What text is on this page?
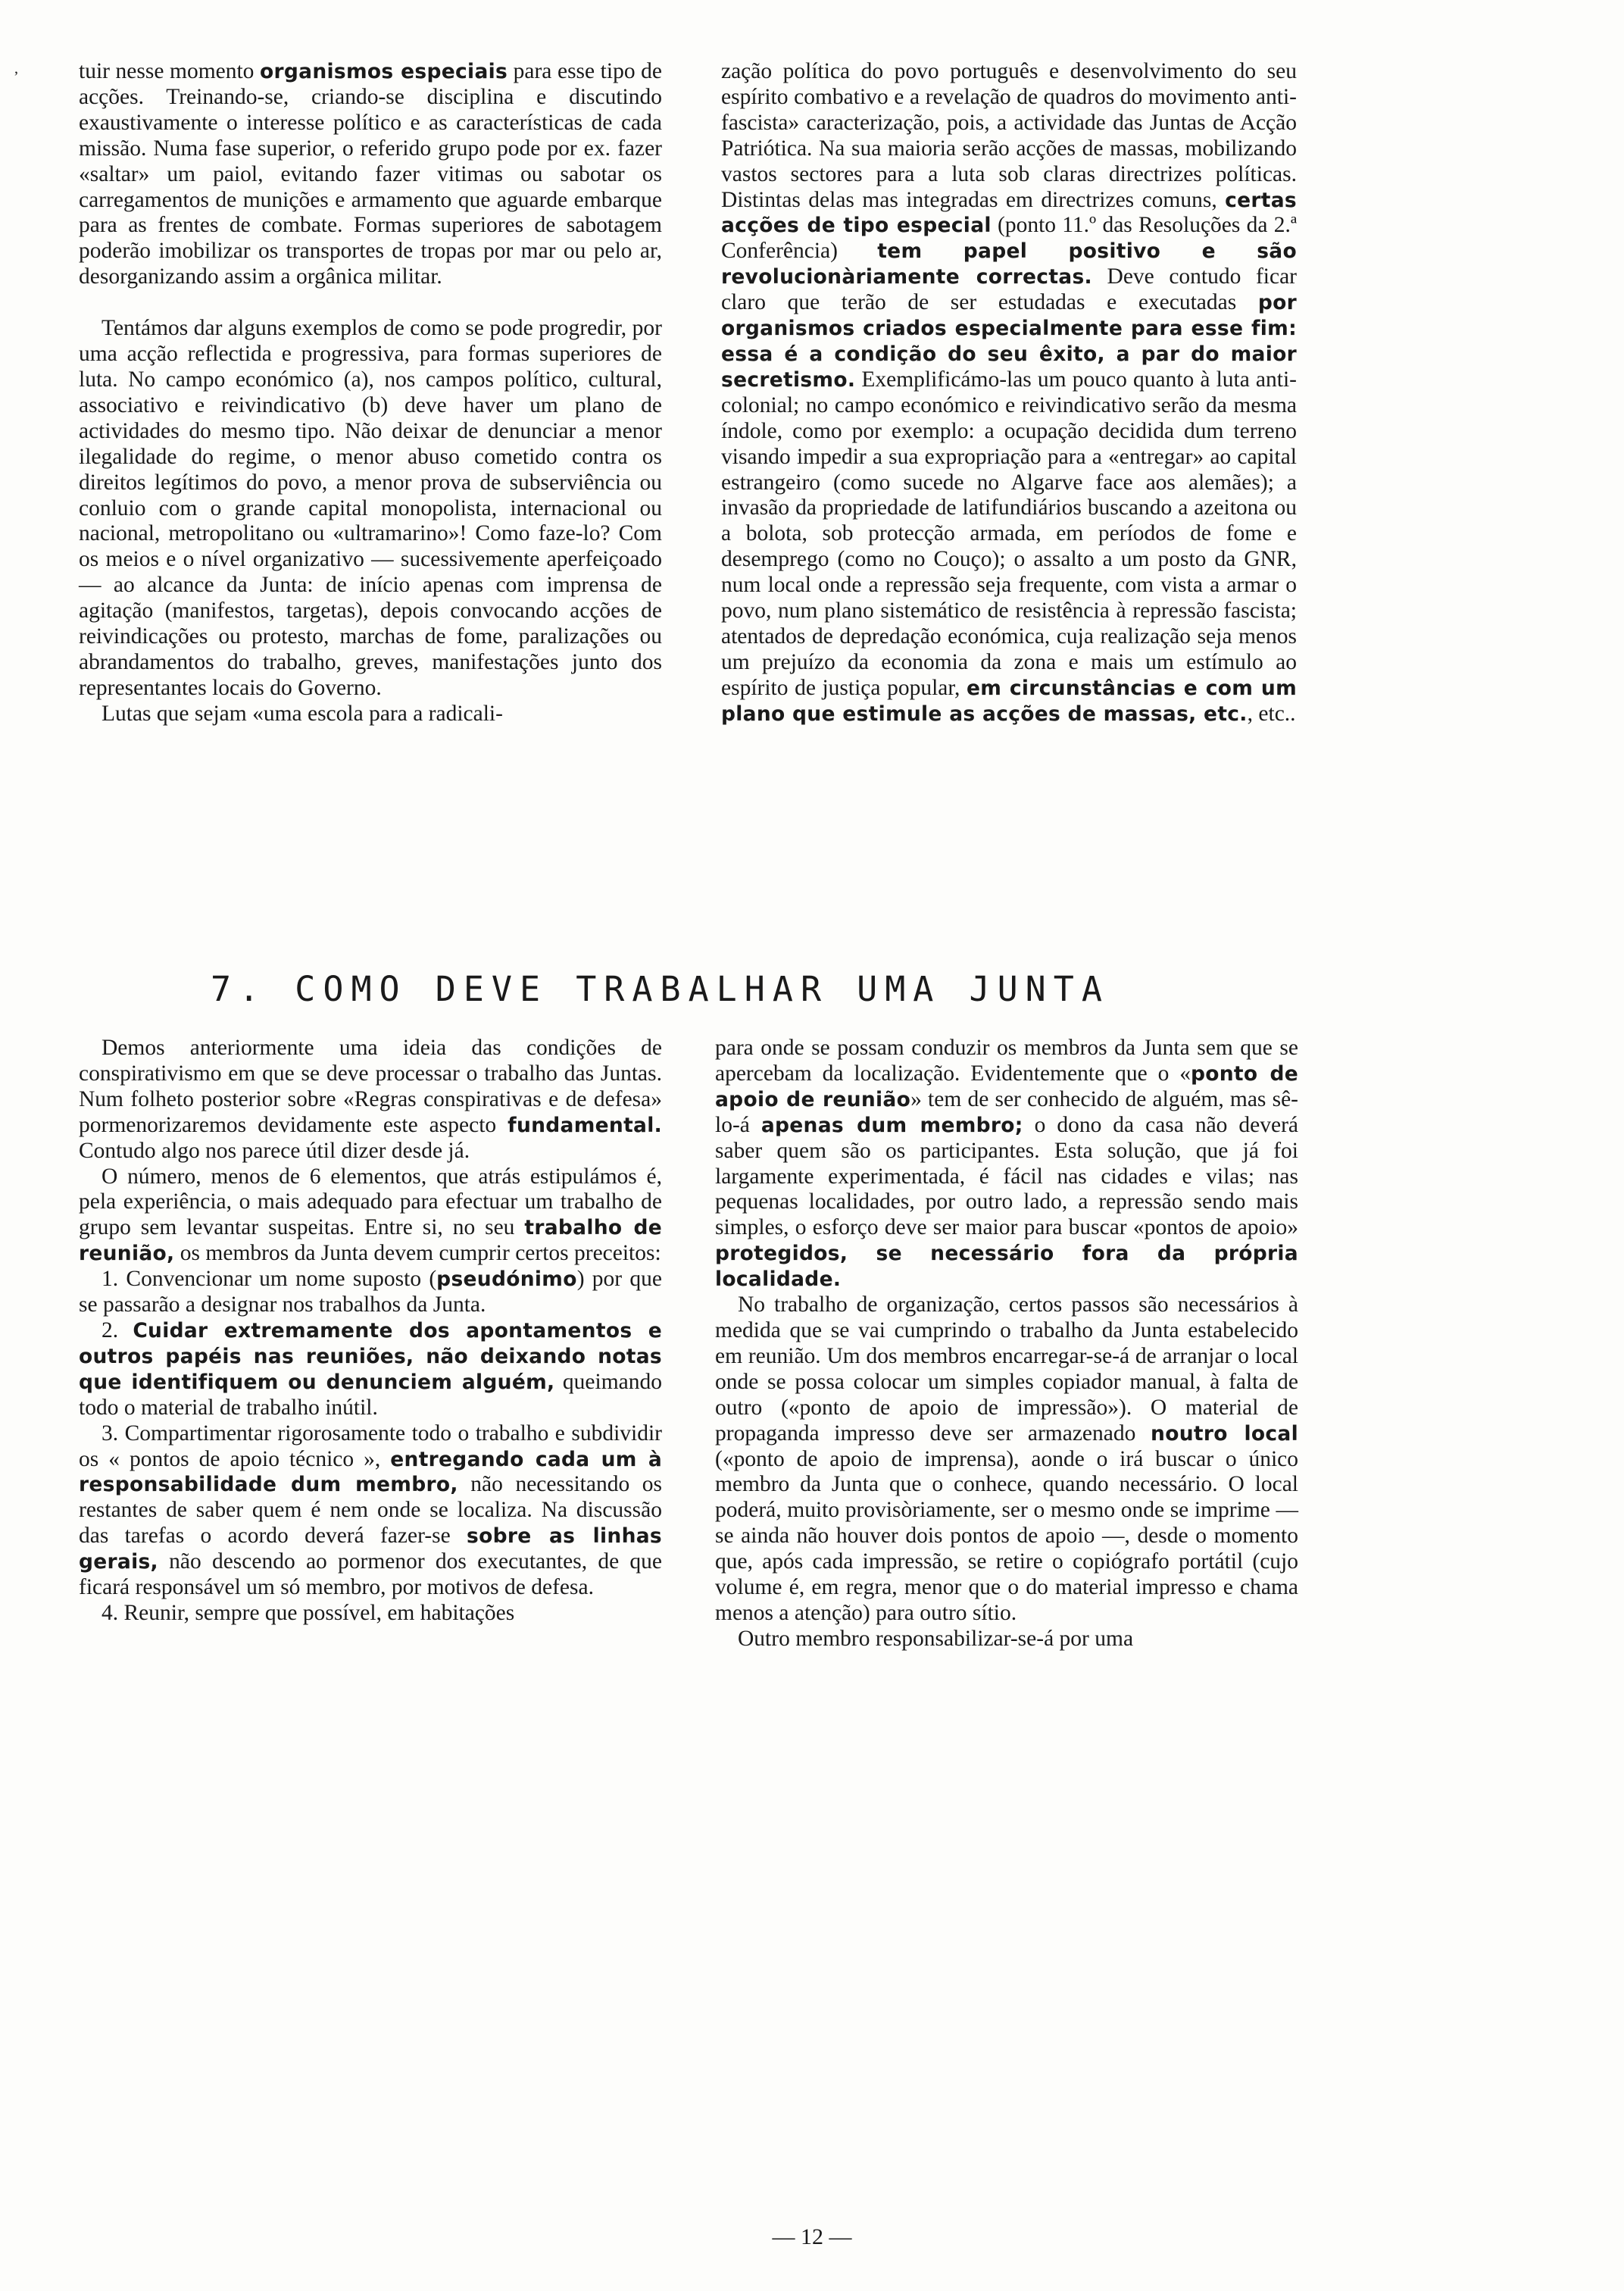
ʼ	tuir nesse momento organismos especiais para esse tipo de acções. Treinando-se, criando-se disciplina e discutindo exaustivamente o interesse político e as características de cada missão. Numa fase superior, o referido grupo pode por ex. fazer «saltar» um paiol, evitando fazer vitimas ou sabotar os carregamentos de munições e armamento que aguarde embarque para as frentes de combate. Formas superiores de sabotagem poderão imobilizar os transportes de tropas por mar ou pelo ar, desorganizando assim a orgânica militar.

Tentámos dar alguns exemplos de como se pode progredir, por uma acção reflectida e progressiva, para formas superiores de luta. No campo económico (a), nos campos político, cultural, associativo e reivindicativo (b) deve haver um plano de actividades do mesmo tipo. Não deixar de denunciar a menor ilegalidade do regime, o menor abuso cometido contra os direitos legítimos do povo, a menor prova de subserviência ou conluio com o grande capital monopolista, internacional ou nacional, metropolitano ou «ultramarino»! Como faze-lo? Com os meios e o nível organizativo — sucessivemente aperfeiçoado — ao alcance da Junta: de início apenas com imprensa de agitação (manifestos, targetas), depois convocando acções de reivindicações ou protesto, marchas de fome, paralizações ou abrandamentos do trabalho, greves, manifestações junto dos representantes locais do Governo.

Lutas que sejam «uma escola para a radicali-

zação política do povo português e desenvolvimento do seu espírito combativo e a revelação de quadros do movimento anti-fascista» caracterização, pois, a actividade das Juntas de Acção Patriótica. Na sua maioria serão acções de massas, mobilizando vastos sectores para a luta sob claras directrizes políticas. Distintas delas mas integradas em directrizes comuns, certas acções de tipo especial (ponto 11.º das Resoluções da 2.ª Conferência) tem papel positivo e são revolucionàriamente correctas. Deve contudo ficar claro que terão de ser estudadas e executadas por organismos criados especialmente para esse fim: essa é a condição do seu êxito, a par do maior secretismo. Exemplificámo-las um pouco quanto à luta anti-colonial; no campo económico e reivindicativo serão da mesma índole, como por exemplo: a ocupação decidida dum terreno visando impedir a sua expropriação para a «entregar» ao capital estrangeiro (como sucede no Algarve face aos alemães); a invasão da propriedade de latifundiários buscando a azeitona ou a bolota, sob protecção armada, em períodos de fome e desemprego (como no Couço); o assalto a um posto da GNR, num local onde a repressão seja frequente, com vista a armar o povo, num plano sistemático de resistência à repressão fascista; atentados de depredação económica, cuja realização seja menos um prejuízo da economia da zona e mais um estímulo ao espírito de justiça popular, em circunstâncias e com um plano que estimule as acções de massas, etc., etc..

7. COMO DEVE TRABALHAR UMA JUNTA

Demos anteriormente uma ideia das condições de conspirativismo em que se deve processar o trabalho das Juntas. Num folheto posterior sobre «Regras conspirativas e de defesa» pormenorizaremos devidamente este aspecto fundamental. Contudo algo nos parece útil dizer desde já.

O número, menos de 6 elementos, que atrás estipulámos é, pela experiência, o mais adequado para efectuar um trabalho de grupo sem levantar suspeitas. Entre si, no seu trabalho de reunião, os membros da Junta devem cumprir certos preceitos:

1. Convencionar um nome suposto (pseudónimo) por que se passarão a designar nos trabalhos da Junta.

2. Cuidar extremamente dos apontamentos e outros papéis nas reuniões, não deixando notas que identifiquem ou denunciem alguém, queimando todo o material de trabalho inútil.

3. Compartimentar rigorosamente todo o trabalho e subdividir os « pontos de apoio técnico », entregando cada um à responsabilidade dum membro, não necessitando os restantes de saber quem é nem onde se localiza. Na discussão das tarefas o acordo deverá fazer-se sobre as linhas gerais, não descendo ao pormenor dos executantes, de que ficará responsável um só membro, por motivos de defesa.

4. Reunir, sempre que possível, em habitações

para onde se possam conduzir os membros da Junta sem que se apercebam da localização. Evidentemente que o «ponto de apoio de reunião» tem de ser conhecido de alguém, mas sê-lo-á apenas dum membro; o dono da casa não deverá saber quem são os participantes. Esta solução, que já foi largamente experimentada, é fácil nas cidades e vilas; nas pequenas localidades, por outro lado, a repressão sendo mais simples, o esforço deve ser maior para buscar «pontos de apoio» protegidos, se necessário fora da própria localidade.

No trabalho de organização, certos passos são necessários à medida que se vai cumprindo o trabalho da Junta estabelecido em reunião. Um dos membros encarregar-se-á de arranjar o local onde se possa colocar um simples copiador manual, à falta de outro («ponto de apoio de impressão»). O material de propaganda impresso deve ser armazenado noutro local («ponto de apoio de imprensa), aonde o irá buscar o único membro da Junta que o conhece, quando necessário. O local poderá, muito provisòriamente, ser o mesmo onde se imprime — se ainda não houver dois pontos de apoio —, desde o momento que, após cada impressão, se retire o copiógrafo portátil (cujo volume é, em regra, menor que o do material impresso e chama menos a atenção) para outro sítio.

Outro membro responsabilizar-se-á por uma

— 12 —
